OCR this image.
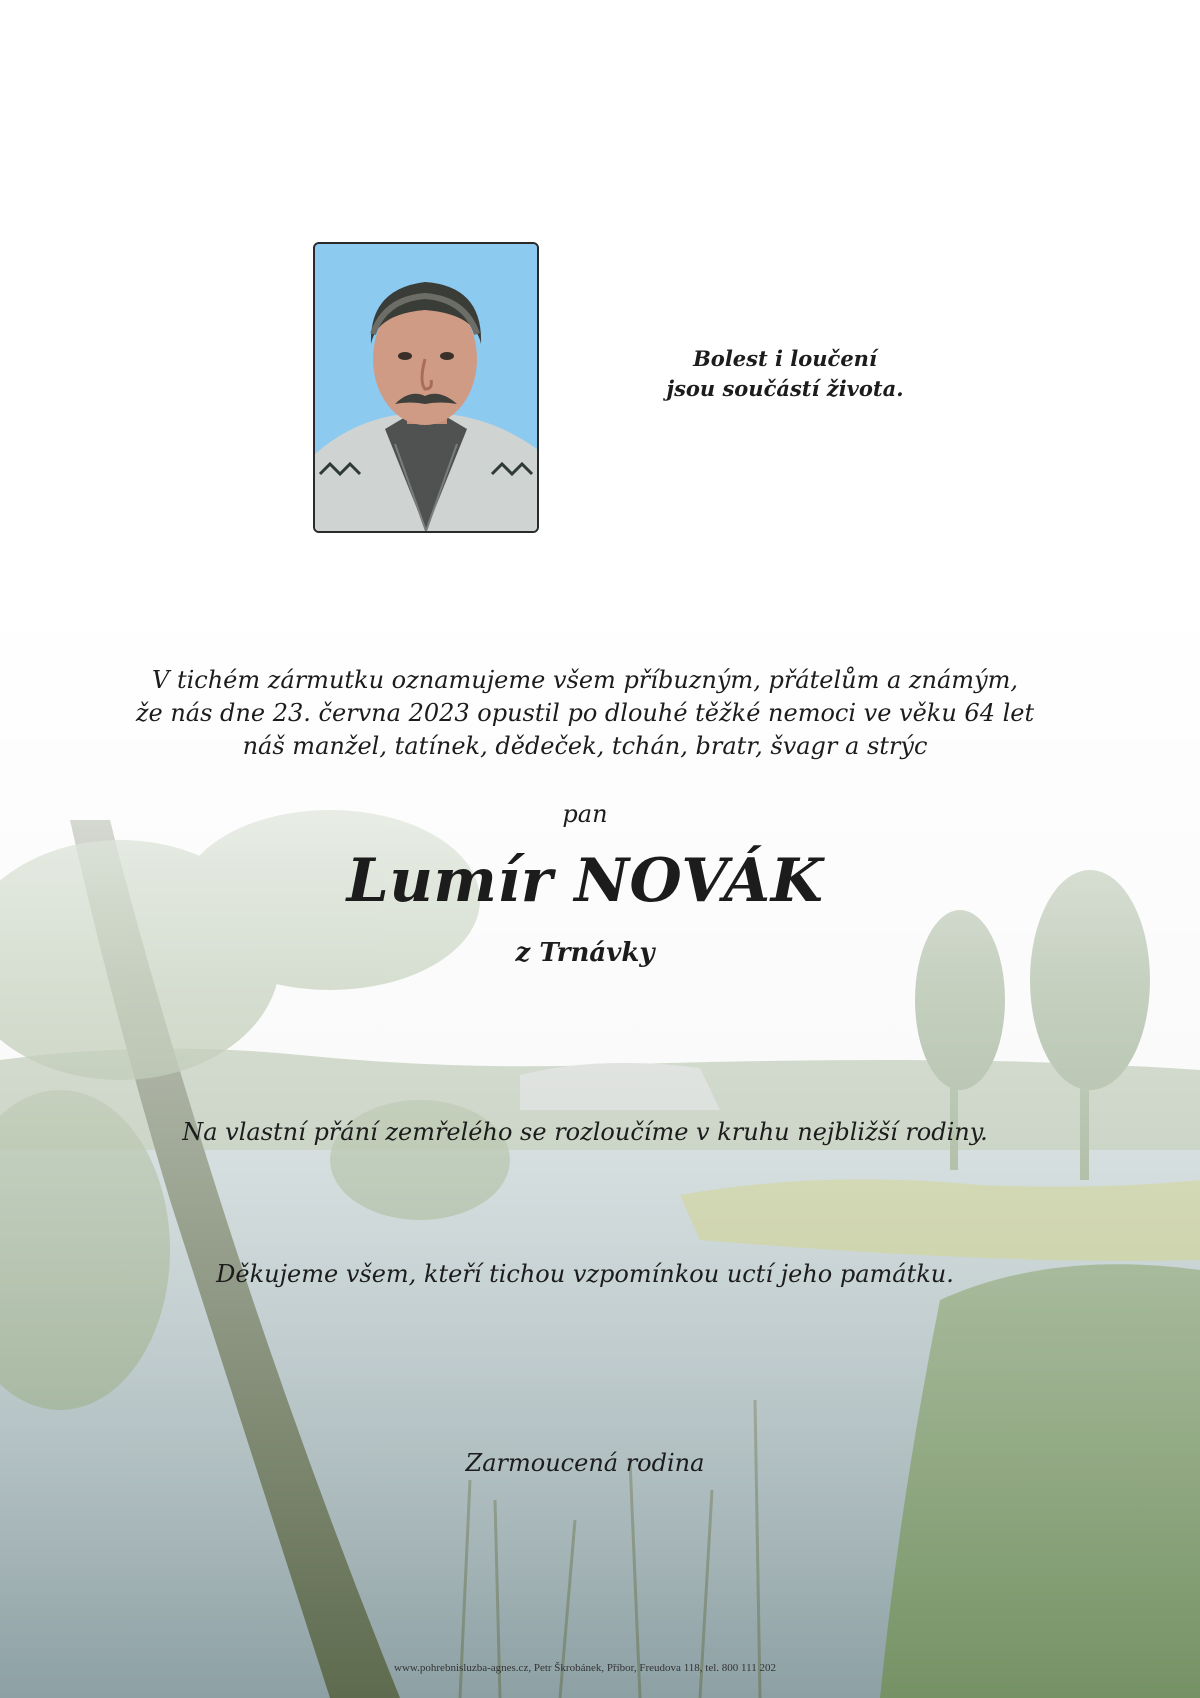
Bolest i loučení
jsou součástí života.
V tichém zármutku oznamujeme všem příbuzným, přátelům a známým,
že nás dne 23. června 2023 opustil po dlouhé těžké nemoci ve věku 64 let
náš manžel, tatínek, dědeček, tchán, bratr, švagr a strýc
pan
Lumír NOVÁK
z Trnávky
Na vlastní přání zemřelého se rozloučíme v kruhu nejbližší rodiny.
Děkujeme všem, kteří tichou vzpomínkou uctí jeho památku.
Zarmoucená rodina
www.pohrebnisluzba-agnes.cz, Petr Škrobánek, Příbor, Freudova 118, tel. 800 111 202
